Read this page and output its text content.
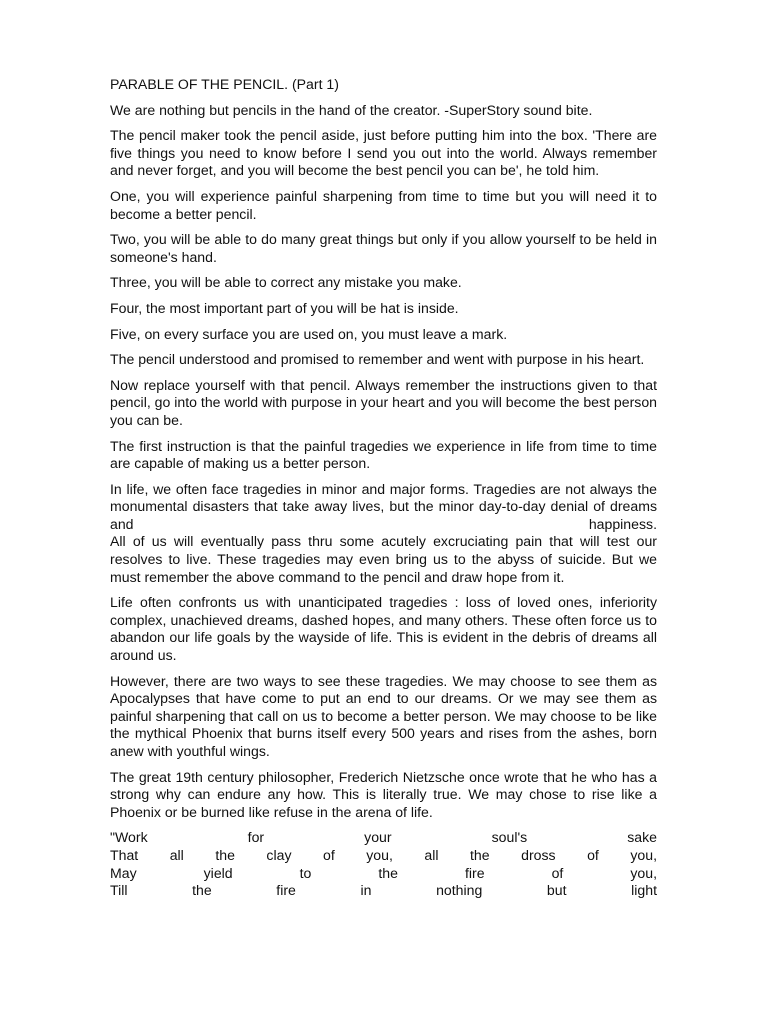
PARABLE OF THE PENCIL. (Part 1)

We are nothing but pencils in the hand of the creator. -SuperStory sound bite.

The pencil maker took the pencil aside, just before putting him into the box. 'There are five things you need to know before I send you out into the world. Always remember and never forget, and you will become the best pencil you can be', he told him.

One, you will experience painful sharpening from time to time but you will need it to become a better pencil.

Two, you will be able to do many great things but only if you allow yourself to be held in someone's hand.

Three, you will be able to correct any mistake you make.

Four, the most important part of you will be hat is inside.

Five, on every surface you are used on, you must leave a mark.

The pencil understood and promised to remember and went with purpose in his heart.

Now replace yourself with that pencil. Always remember the instructions given to that pencil, go into the world with purpose in your heart and you will become the best person you can be.

The first instruction is that the painful tragedies we experience in life from time to time are capable of making us a better person.

In life, we often face tragedies in minor and major forms. Tragedies are not always the monumental disasters that take away lives, but the minor day-to-day denial of dreams and happiness.
All of us will eventually pass thru some acutely excruciating pain that will test our resolves to live. These tragedies may even bring us to the abyss of suicide. But we must remember the above command to the pencil and draw hope from it.

Life often confronts us with unanticipated tragedies : loss of loved ones, inferiority complex, unachieved dreams, dashed hopes, and many others. These often force us to abandon our life goals by the wayside of life. This is evident in the debris of dreams all around us.

However, there are two ways to see these tragedies. We may choose to see them as Apocalypses that have come to put an end to our dreams. Or we may see them as painful sharpening that call on us to become a better person. We may choose to be like the mythical Phoenix that burns itself every 500 years and rises from the ashes, born anew with youthful wings.

The great 19th century philosopher, Frederich Nietzsche once wrote that he who has a strong why can endure any how. This is literally true. We may chose to rise like a Phoenix or be burned like refuse in the arena of life.

"Work for your soul's sake
That all the clay of you, all the dross of you,
May yield to the fire of you,
Till the fire in nothing but light
